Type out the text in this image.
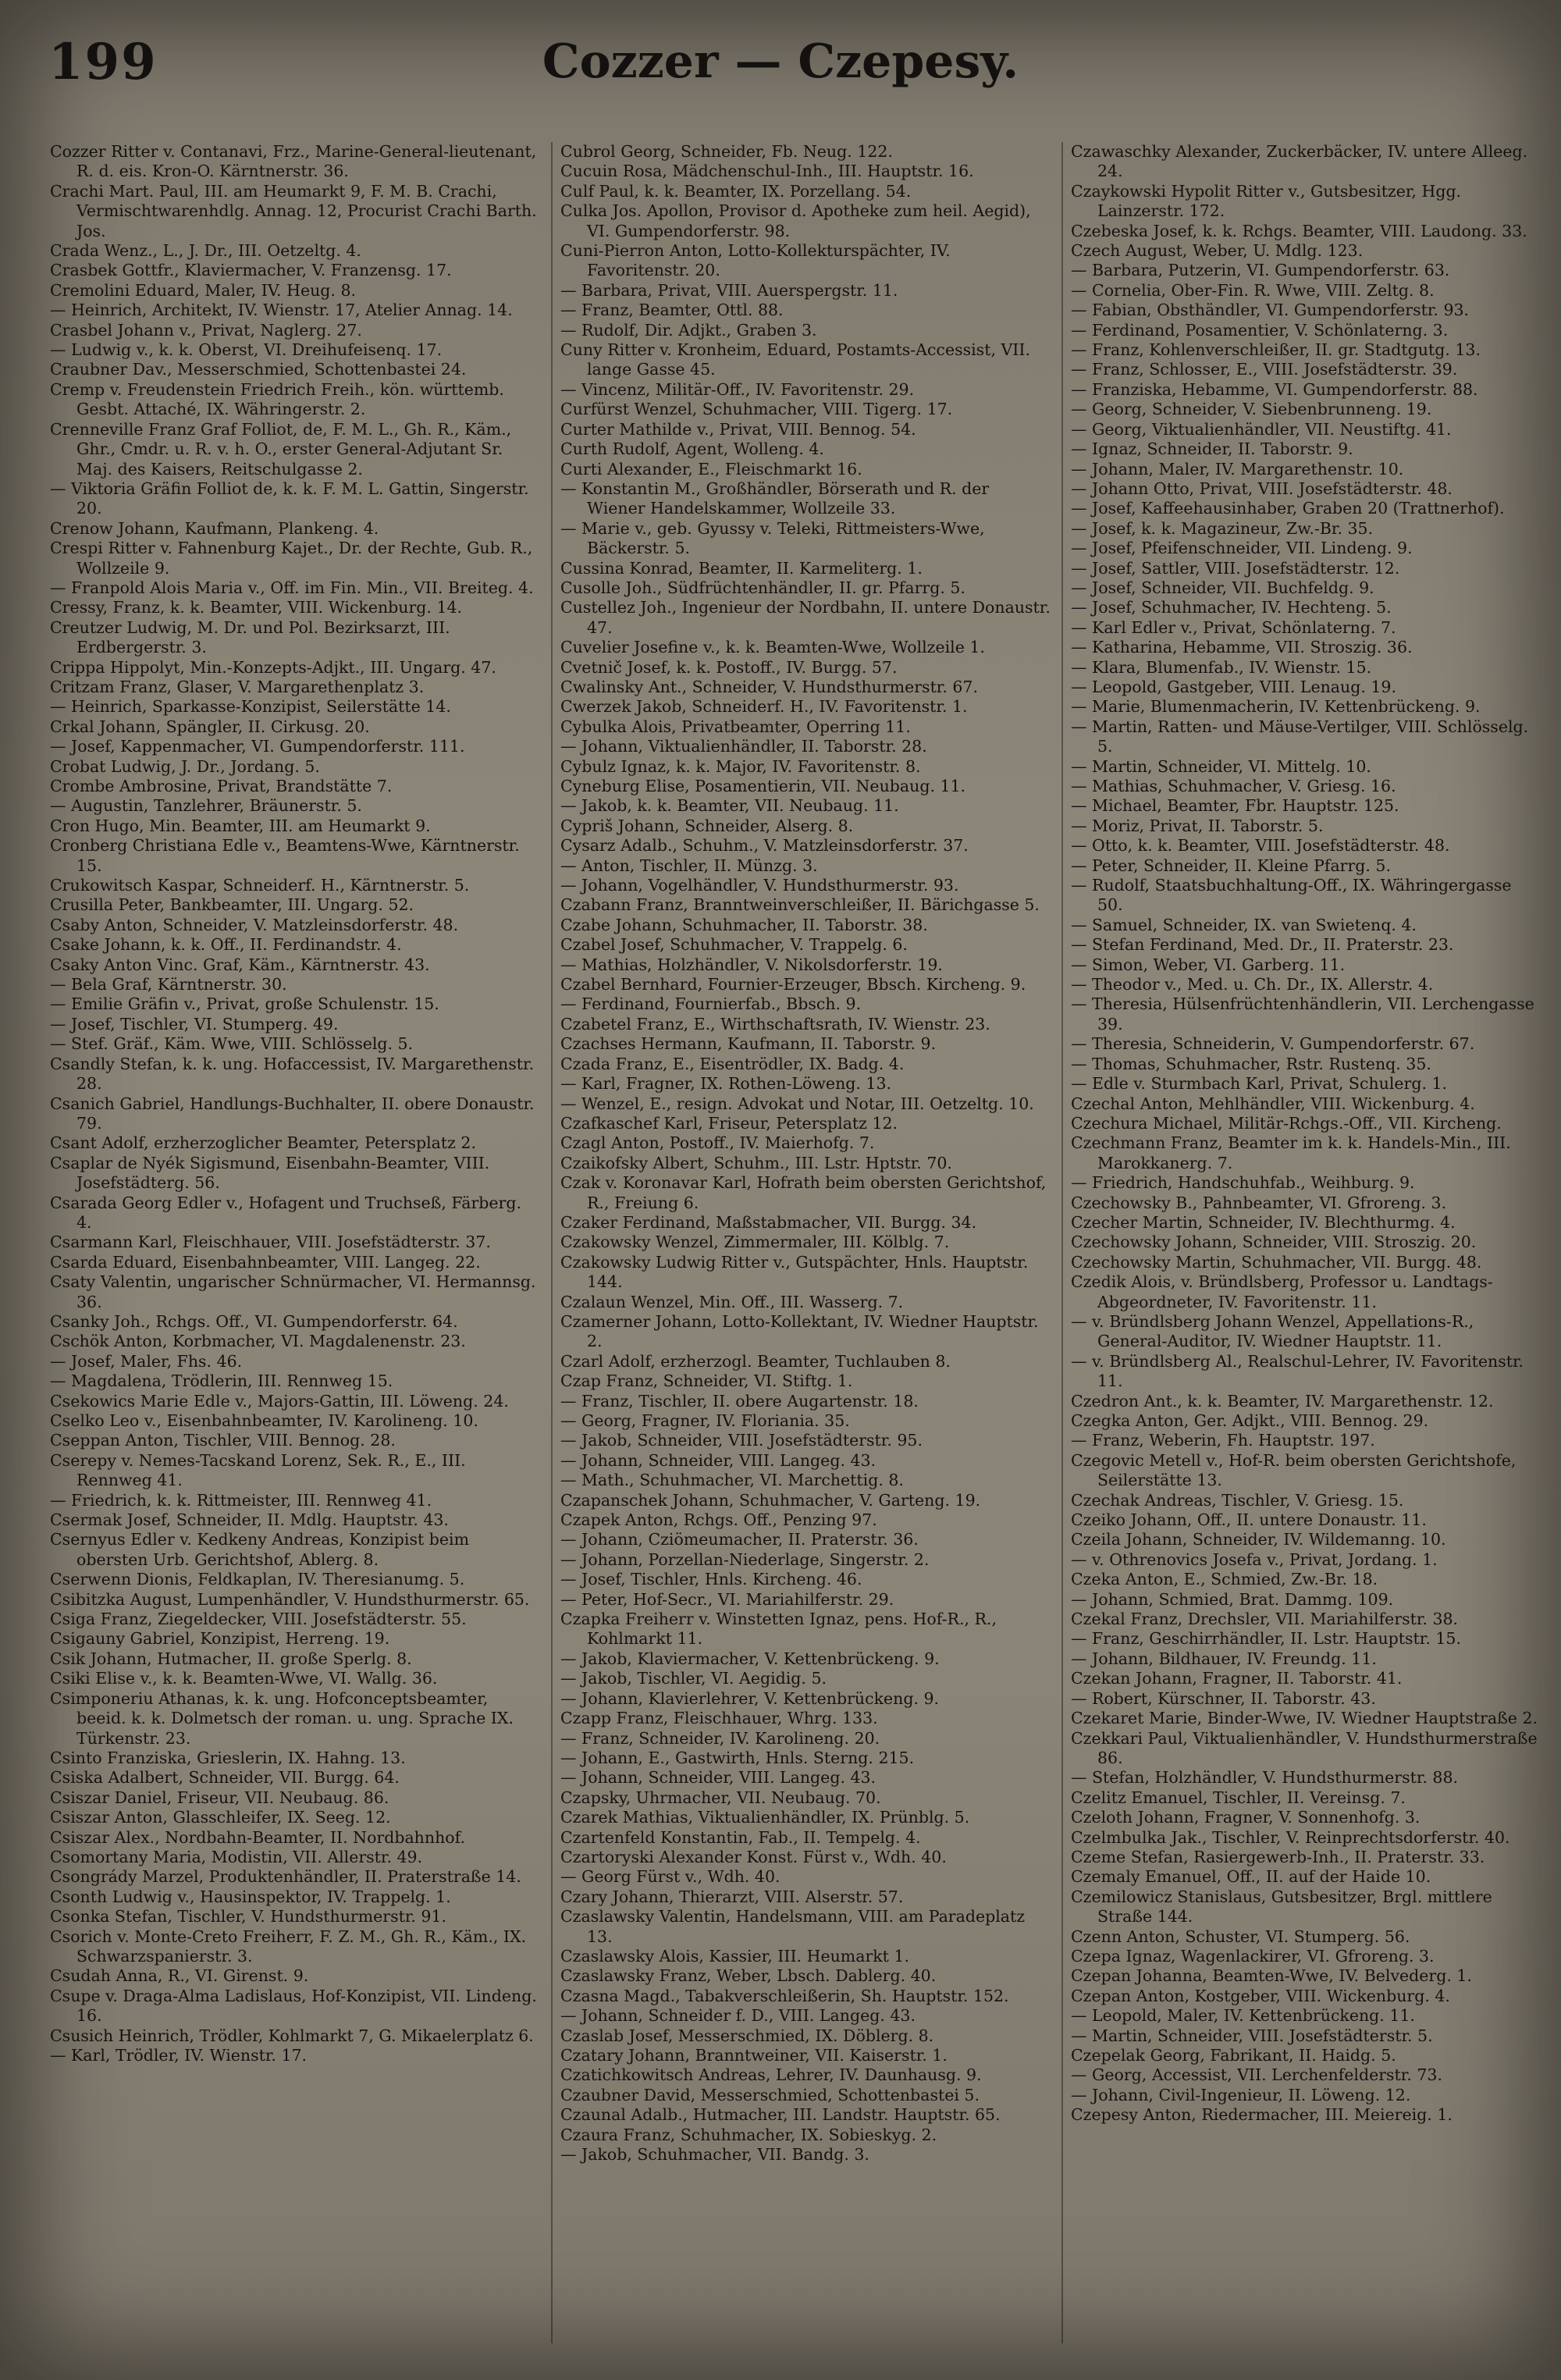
199	Cozzer — Czepesy.

Cozzer Ritter v. Contanavi, Frz., Marine-General-lieutenant, R. d. eis. Kron-O. Kärntnerstr. 36.

Crachi Mart. Paul, III. am Heumarkt 9, F. M. B. Crachi, Vermischtwarenhdlg. Annag. 12, Procurist Crachi Barth. Jos.

Crada Wenz., L., J. Dr., III. Oetzeltg. 4.

Crasbek Gottfr., Klaviermacher, V. Franzensg. 17.

Cremolini Eduard, Maler, IV. Heug. 8.

— Heinrich, Architekt, IV. Wienstr. 17, Atelier Annag. 14.

Crasbel Johann v., Privat, Naglerg. 27.

— Ludwig v., k. k. Oberst, VI. Dreihufeisenq. 17.

Craubner Dav., Messerschmied, Schottenbastei 24.

Cremp v. Freudenstein Friedrich Freih., kön. württemb. Gesbt. Attaché, IX. Währingerstr. 2.

Crenneville Franz Graf Folliot, de, F. M. L., Gh. R., Käm., Ghr., Cmdr. u. R. v. h. O., erster General-Adjutant Sr. Maj. des Kaisers, Reitschulgasse 2.

— Viktoria Gräfin Folliot de, k. k. F. M. L. Gattin, Singerstr. 20.

Crenow Johann, Kaufmann, Plankeng. 4.

Crespi Ritter v. Fahnenburg Kajet., Dr. der Rechte, Gub. R., Wollzeile 9.

— Franpold Alois Maria v., Off. im Fin. Min., VII. Breiteg. 4.

Cressy, Franz, k. k. Beamter, VIII. Wickenburg. 14.

Creutzer Ludwig, M. Dr. und Pol. Bezirksarzt, III. Erdbergerstr. 3.

Crippa Hippolyt, Min.-Konzepts-Adjkt., III. Ungarg. 47.

Critzam Franz, Glaser, V. Margarethenplatz 3.

— Heinrich, Sparkasse-Konzipist, Seilerstätte 14.

Crkal Johann, Spängler, II. Cirkusg. 20.

— Josef, Kappenmacher, VI. Gumpendorferstr. 111.

Crobat Ludwig, J. Dr., Jordang. 5.

Crombe Ambrosine, Privat, Brandstätte 7.

— Augustin, Tanzlehrer, Bräunerstr. 5.

Cron Hugo, Min. Beamter, III. am Heumarkt 9.

Cronberg Christiana Edle v., Beamtens-Wwe, Kärntnerstr. 15.

Crukowitsch Kaspar, Schneiderf. H., Kärntnerstr. 5.

Crusilla Peter, Bankbeamter, III. Ungarg. 52.

Csaby Anton, Schneider, V. Matzleinsdorferstr. 48.

Csake Johann, k. k. Off., II. Ferdinandstr. 4.

Csaky Anton Vinc. Graf, Käm., Kärntnerstr. 43.

— Bela Graf, Kärntnerstr. 30.

— Emilie Gräfin v., Privat, große Schulenstr. 15.

— Josef, Tischler, VI. Stumperg. 49.

— Stef. Gräf., Käm. Wwe, VIII. Schlösselg. 5.

Csandly Stefan, k. k. ung. Hofaccessist, IV. Margarethenstr. 28.

Csanich Gabriel, Handlungs-Buchhalter, II. obere Donaustr. 79.

Csant Adolf, erzherzoglicher Beamter, Petersplatz 2.

Csaplar de Nyék Sigismund, Eisenbahn-Beamter, VIII. Josefstädterg. 56.

Csarada Georg Edler v., Hofagent und Truchseß, Färberg. 4.

Csarmann Karl, Fleischhauer, VIII. Josefstädterstr. 37.

Csarda Eduard, Eisenbahnbeamter, VIII. Langeg. 22.

Csaty Valentin, ungarischer Schnürmacher, VI. Hermannsg. 36.

Csanky Joh., Rchgs. Off., VI. Gumpendorferstr. 64.

Cschök Anton, Korbmacher, VI. Magdalenenstr. 23.

— Josef, Maler, Fhs. 46.

— Magdalena, Trödlerin, III. Rennweg 15.

Csekowics Marie Edle v., Majors-Gattin, III. Löweng. 24.

Cselko Leo v., Eisenbahnbeamter, IV. Karolineng. 10.

Cseppan Anton, Tischler, VIII. Bennog. 28.

Cserepy v. Nemes-Tacskand Lorenz, Sek. R., E., III. Rennweg 41.

— Friedrich, k. k. Rittmeister, III. Rennweg 41.

Csermak Josef, Schneider, II. Mdlg. Hauptstr. 43.

Csernyus Edler v. Kedkeny Andreas, Konzipist beim obersten Urb. Gerichtshof, Ablerg. 8.

Cserwenn Dionis, Feldkaplan, IV. Theresianumg. 5.

Csibitzka August, Lumpenhändler, V. Hundsthurmerstr. 65.

Csiga Franz, Ziegeldecker, VIII. Josefstädterstr. 55.

Csigauny Gabriel, Konzipist, Herreng. 19.

Csik Johann, Hutmacher, II. große Sperlg. 8.

Csiki Elise v., k. k. Beamten-Wwe, VI. Wallg. 36.

Csimponeriu Athanas, k. k. ung. Hofconceptsbeamter, beeid. k. k. Dolmetsch der roman. u. ung. Sprache IX. Türkenstr. 23.

Csinto Franziska, Grieslerin, IX. Hahng. 13.

Csiska Adalbert, Schneider, VII. Burgg. 64.

Csiszar Daniel, Friseur, VII. Neubaug. 86.

Csiszar Anton, Glasschleifer, IX. Seeg. 12.

Csiszar Alex., Nordbahn-Beamter, II. Nordbahnhof.

Csomortany Maria, Modistin, VII. Allerstr. 49.

Csongrády Marzel, Produktenhändler, II. Praterstraße 14.

Csonth Ludwig v., Hausinspektor, IV. Trappelg. 1.

Csonka Stefan, Tischler, V. Hundsthurmerstr. 91.

Csorich v. Monte-Creto Freiherr, F. Z. M., Gh. R., Käm., IX. Schwarzspanierstr. 3.

Csudah Anna, R., VI. Girenst. 9.

Csupe v. Draga-Alma Ladislaus, Hof-Konzipist, VII. Lindeng. 16.

Csusich Heinrich, Trödler, Kohlmarkt 7, G. Mikaelerplatz 6.

— Karl, Trödler, IV. Wienstr. 17.

Cubrol Georg, Schneider, Fb. Neug. 122.

Cucuin Rosa, Mädchenschul-Inh., III. Hauptstr. 16.

Culf Paul, k. k. Beamter, IX. Porzellang. 54.

Culka Jos. Apollon, Provisor d. Apotheke zum heil. Aegid), VI. Gumpendorferstr. 98.

Cuni-Pierron Anton, Lotto-Kollekturspächter, IV. Favoritenstr. 20.

— Barbara, Privat, VIII. Auerspergstr. 11.

— Franz, Beamter, Ottl. 88.

— Rudolf, Dir. Adjkt., Graben 3.

Cuny Ritter v. Kronheim, Eduard, Postamts-Accessist, VII. lange Gasse 45.

— Vincenz, Militär-Off., IV. Favoritenstr. 29.

Curfürst Wenzel, Schuhmacher, VIII. Tigerg. 17.

Curter Mathilde v., Privat, VIII. Bennog. 54.

Curth Rudolf, Agent, Wolleng. 4.

Curti Alexander, E., Fleischmarkt 16.

— Konstantin M., Großhändler, Börserath und R. der Wiener Handelskammer, Wollzeile 33.

— Marie v., geb. Gyussy v. Teleki, Rittmeisters-Wwe, Bäckerstr. 5.

Cussina Konrad, Beamter, II. Karmeliterg. 1.

Cusolle Joh., Südfrüchtenhändler, II. gr. Pfarrg. 5.

Custellez Joh., Ingenieur der Nordbahn, II. untere Donaustr. 47.

Cuvelier Josefine v., k. k. Beamten-Wwe, Wollzeile 1.

Cvetnič Josef, k. k. Postoff., IV. Burgg. 57.

Cwalinsky Ant., Schneider, V. Hundsthurmerstr. 67.

Cwerzek Jakob, Schneiderf. H., IV. Favoritenstr. 1.

Cybulka Alois, Privatbeamter, Operring 11.

— Johann, Viktualienhändler, II. Taborstr. 28.

Cybulz Ignaz, k. k. Major, IV. Favoritenstr. 8.

Cyneburg Elise, Posamentierin, VII. Neubaug. 11.

— Jakob, k. k. Beamter, VII. Neubaug. 11.

Cypriš Johann, Schneider, Alserg. 8.

Cysarz Adalb., Schuhm., V. Matzleinsdorferstr. 37.

— Anton, Tischler, II. Münzg. 3.

— Johann, Vogelhändler, V. Hundsthurmerstr. 93.

Czabann Franz, Branntweinverschleißer, II. Bärichgasse 5.

Czabe Johann, Schuhmacher, II. Taborstr. 38.

Czabel Josef, Schuhmacher, V. Trappelg. 6.

— Mathias, Holzhändler, V. Nikolsdorferstr. 19.

Czabel Bernhard, Fournier-Erzeuger, Bbsch. Kircheng. 9.

— Ferdinand, Fournierfab., Bbsch. 9.

Czabetel Franz, E., Wirthschaftsrath, IV. Wienstr. 23.

Czachses Hermann, Kaufmann, II. Taborstr. 9.

Czada Franz, E., Eisentrödler, IX. Badg. 4.

— Karl, Fragner, IX. Rothen-Löweng. 13.

— Wenzel, E., resign. Advokat und Notar, III. Oetzeltg. 10.

Czafkaschef Karl, Friseur, Petersplatz 12.

Czagl Anton, Postoff., IV. Maierhofg. 7.

Czaikofsky Albert, Schuhm., III. Lstr. Hptstr. 70.

Czak v. Koronavar Karl, Hofrath beim obersten Gerichtshof, R., Freiung 6.

Czaker Ferdinand, Maßstabmacher, VII. Burgg. 34.

Czakowsky Wenzel, Zimmermaler, III. Kölblg. 7.

Czakowsky Ludwig Ritter v., Gutspächter, Hnls. Hauptstr. 144.

Czalaun Wenzel, Min. Off., III. Wasserg. 7.

Czamerner Johann, Lotto-Kollektant, IV. Wiedner Hauptstr. 2.

Czarl Adolf, erzherzogl. Beamter, Tuchlauben 8.

Czap Franz, Schneider, VI. Stiftg. 1.

— Franz, Tischler, II. obere Augartenstr. 18.

— Georg, Fragner, IV. Floriania. 35.

— Jakob, Schneider, VIII. Josefstädterstr. 95.

— Johann, Schneider, VIII. Langeg. 43.

— Math., Schuhmacher, VI. Marchettig. 8.

Czapanschek Johann, Schuhmacher, V. Garteng. 19.

Czapek Anton, Rchgs. Off., Penzing 97.

— Johann, Cziömeumacher, II. Praterstr. 36.

— Johann, Porzellan-Niederlage, Singerstr. 2.

— Josef, Tischler, Hnls. Kircheng. 46.

— Peter, Hof-Secr., VI. Mariahilferstr. 29.

Czapka Freiherr v. Winstetten Ignaz, pens. Hof-R., R., Kohlmarkt 11.

— Jakob, Klaviermacher, V. Kettenbrückeng. 9.

— Jakob, Tischler, VI. Aegidig. 5.

— Johann, Klavierlehrer, V. Kettenbrückeng. 9.

Czapp Franz, Fleischhauer, Whrg. 133.

— Franz, Schneider, IV. Karolineng. 20.

— Johann, E., Gastwirth, Hnls. Sterng. 215.

— Johann, Schneider, VIII. Langeg. 43.

Czapsky, Uhrmacher, VII. Neubaug. 70.

Czarek Mathias, Viktualienhändler, IX. Prünblg. 5.

Czartenfeld Konstantin, Fab., II. Tempelg. 4.

Czartoryski Alexander Konst. Fürst v., Wdh. 40.

— Georg Fürst v., Wdh. 40.

Czary Johann, Thierarzt, VIII. Alserstr. 57.

Czaslawsky Valentin, Handelsmann, VIII. am Paradeplatz 13.

Czaslawsky Alois, Kassier, III. Heumarkt 1.

Czaslawsky Franz, Weber, Lbsch. Dablerg. 40.

Czasna Magd., Tabakverschleißerin, Sh. Hauptstr. 152.

— Johann, Schneider f. D., VIII. Langeg. 43.

Czaslab Josef, Messerschmied, IX. Döblerg. 8.

Czatary Johann, Branntweiner, VII. Kaiserstr. 1.

Czatichkowitsch Andreas, Lehrer, IV. Daunhausg. 9.

Czaubner David, Messerschmied, Schottenbastei 5.

Czaunal Adalb., Hutmacher, III. Landstr. Hauptstr. 65.

Czaura Franz, Schuhmacher, IX. Sobieskyg. 2.

— Jakob, Schuhmacher, VII. Bandg. 3.

Czawaschky Alexander, Zuckerbäcker, IV. untere Alleeg. 24.

Czaykowski Hypolit Ritter v., Gutsbesitzer, Hgg. Lainzerstr. 172.

Czebeska Josef, k. k. Rchgs. Beamter, VIII. Laudong. 33.

Czech August, Weber, U. Mdlg. 123.

— Barbara, Putzerin, VI. Gumpendorferstr. 63.

— Cornelia, Ober-Fin. R. Wwe, VIII. Zeltg. 8.

— Fabian, Obsthändler, VI. Gumpendorferstr. 93.

— Ferdinand, Posamentier, V. Schönlaterng. 3.

— Franz, Kohlenverschleißer, II. gr. Stadtgutg. 13.

— Franz, Schlosser, E., VIII. Josefstädterstr. 39.

— Franziska, Hebamme, VI. Gumpendorferstr. 88.

— Georg, Schneider, V. Siebenbrunneng. 19.

— Georg, Viktualienhändler, VII. Neustiftg. 41.

— Ignaz, Schneider, II. Taborstr. 9.

— Johann, Maler, IV. Margarethenstr. 10.

— Johann Otto, Privat, VIII. Josefstädterstr. 48.

— Josef, Kaffeehausinhaber, Graben 20 (Trattnerhof).

— Josef, k. k. Magazineur, Zw.-Br. 35.

— Josef, Pfeifenschneider, VII. Lindeng. 9.

— Josef, Sattler, VIII. Josefstädterstr. 12.

— Josef, Schneider, VII. Buchfeldg. 9.

— Josef, Schuhmacher, IV. Hechteng. 5.

— Karl Edler v., Privat, Schönlaterng. 7.

— Katharina, Hebamme, VII. Stroszig. 36.

— Klara, Blumenfab., IV. Wienstr. 15.

— Leopold, Gastgeber, VIII. Lenaug. 19.

— Marie, Blumenmacherin, IV. Kettenbrückeng. 9.

— Martin, Ratten- und Mäuse-Vertilger, VIII. Schlösselg. 5.

— Martin, Schneider, VI. Mittelg. 10.

— Mathias, Schuhmacher, V. Griesg. 16.

— Michael, Beamter, Fbr. Hauptstr. 125.

— Moriz, Privat, II. Taborstr. 5.

— Otto, k. k. Beamter, VIII. Josefstädterstr. 48.

— Peter, Schneider, II. Kleine Pfarrg. 5.

— Rudolf, Staatsbuchhaltung-Off., IX. Währingergasse 50.

— Samuel, Schneider, IX. van Swietenq. 4.

— Stefan Ferdinand, Med. Dr., II. Praterstr. 23.

— Simon, Weber, VI. Garberg. 11.

— Theodor v., Med. u. Ch. Dr., IX. Allerstr. 4.

— Theresia, Hülsenfrüchtenhändlerin, VII. Lerchengasse 39.

— Theresia, Schneiderin, V. Gumpendorferstr. 67.

— Thomas, Schuhmacher, Rstr. Rustenq. 35.

— Edle v. Sturmbach Karl, Privat, Schulerg. 1.

Czechal Anton, Mehlhändler, VIII. Wickenburg. 4.

Czechura Michael, Militär-Rchgs.-Off., VII. Kircheng.

Czechmann Franz, Beamter im k. k. Handels-Min., III. Marokkanerg. 7.

— Friedrich, Handschuhfab., Weihburg. 9.

Czechowsky B., Pahnbeamter, VI. Gfroreng. 3.

Czecher Martin, Schneider, IV. Blechthurmg. 4.

Czechowsky Johann, Schneider, VIII. Stroszig. 20.

Czechowsky Martin, Schuhmacher, VII. Burgg. 48.

Czedik Alois, v. Bründlsberg, Professor u. Landtags-Abgeordneter, IV. Favoritenstr. 11.

— v. Bründlsberg Johann Wenzel, Appellations-R., General-Auditor, IV. Wiedner Hauptstr. 11.

— v. Bründlsberg Al., Realschul-Lehrer, IV. Favoritenstr. 11.

Czedron Ant., k. k. Beamter, IV. Margarethenstr. 12.

Czegka Anton, Ger. Adjkt., VIII. Bennog. 29.

— Franz, Weberin, Fh. Hauptstr. 197.

Czegovic Metell v., Hof-R. beim obersten Gerichtshofe, Seilerstätte 13.

Czechak Andreas, Tischler, V. Griesg. 15.

Czeiko Johann, Off., II. untere Donaustr. 11.

Czeila Johann, Schneider, IV. Wildemanng. 10.

— v. Othrenovics Josefa v., Privat, Jordang. 1.

Czeka Anton, E., Schmied, Zw.-Br. 18.

— Johann, Schmied, Brat. Dammg. 109.

Czekal Franz, Drechsler, VII. Mariahilferstr. 38.

— Franz, Geschirrhändler, II. Lstr. Hauptstr. 15.

— Johann, Bildhauer, IV. Freundg. 11.

Czekan Johann, Fragner, II. Taborstr. 41.

— Robert, Kürschner, II. Taborstr. 43.

Czekaret Marie, Binder-Wwe, IV. Wiedner Hauptstraße 2.

Czekkari Paul, Viktualienhändler, V. Hundsthurmerstraße 86.

— Stefan, Holzhändler, V. Hundsthurmerstr. 88.

Czelitz Emanuel, Tischler, II. Vereinsg. 7.

Czeloth Johann, Fragner, V. Sonnenhofg. 3.

Czelmbulka Jak., Tischler, V. Reinprechtsdorferstr. 40.

Czeme Stefan, Rasiergewerb-Inh., II. Praterstr. 33.

Czemaly Emanuel, Off., II. auf der Haide 10.

Czemilowicz Stanislaus, Gutsbesitzer, Brgl. mittlere Straße 144.

Czenn Anton, Schuster, VI. Stumperg. 56.

Czepa Ignaz, Wagenlackirer, VI. Gfroreng. 3.

Czepan Johanna, Beamten-Wwe, IV. Belvederg. 1.

Czepan Anton, Kostgeber, VIII. Wickenburg. 4.

— Leopold, Maler, IV. Kettenbrückeng. 11.

— Martin, Schneider, VIII. Josefstädterstr. 5.

Czepelak Georg, Fabrikant, II. Haidg. 5.

— Georg, Accessist, VII. Lerchenfelderstr. 73.

— Johann, Civil-Ingenieur, II. Löweng. 12.

Czepesy Anton, Riedermacher, III. Meiereig. 1.
